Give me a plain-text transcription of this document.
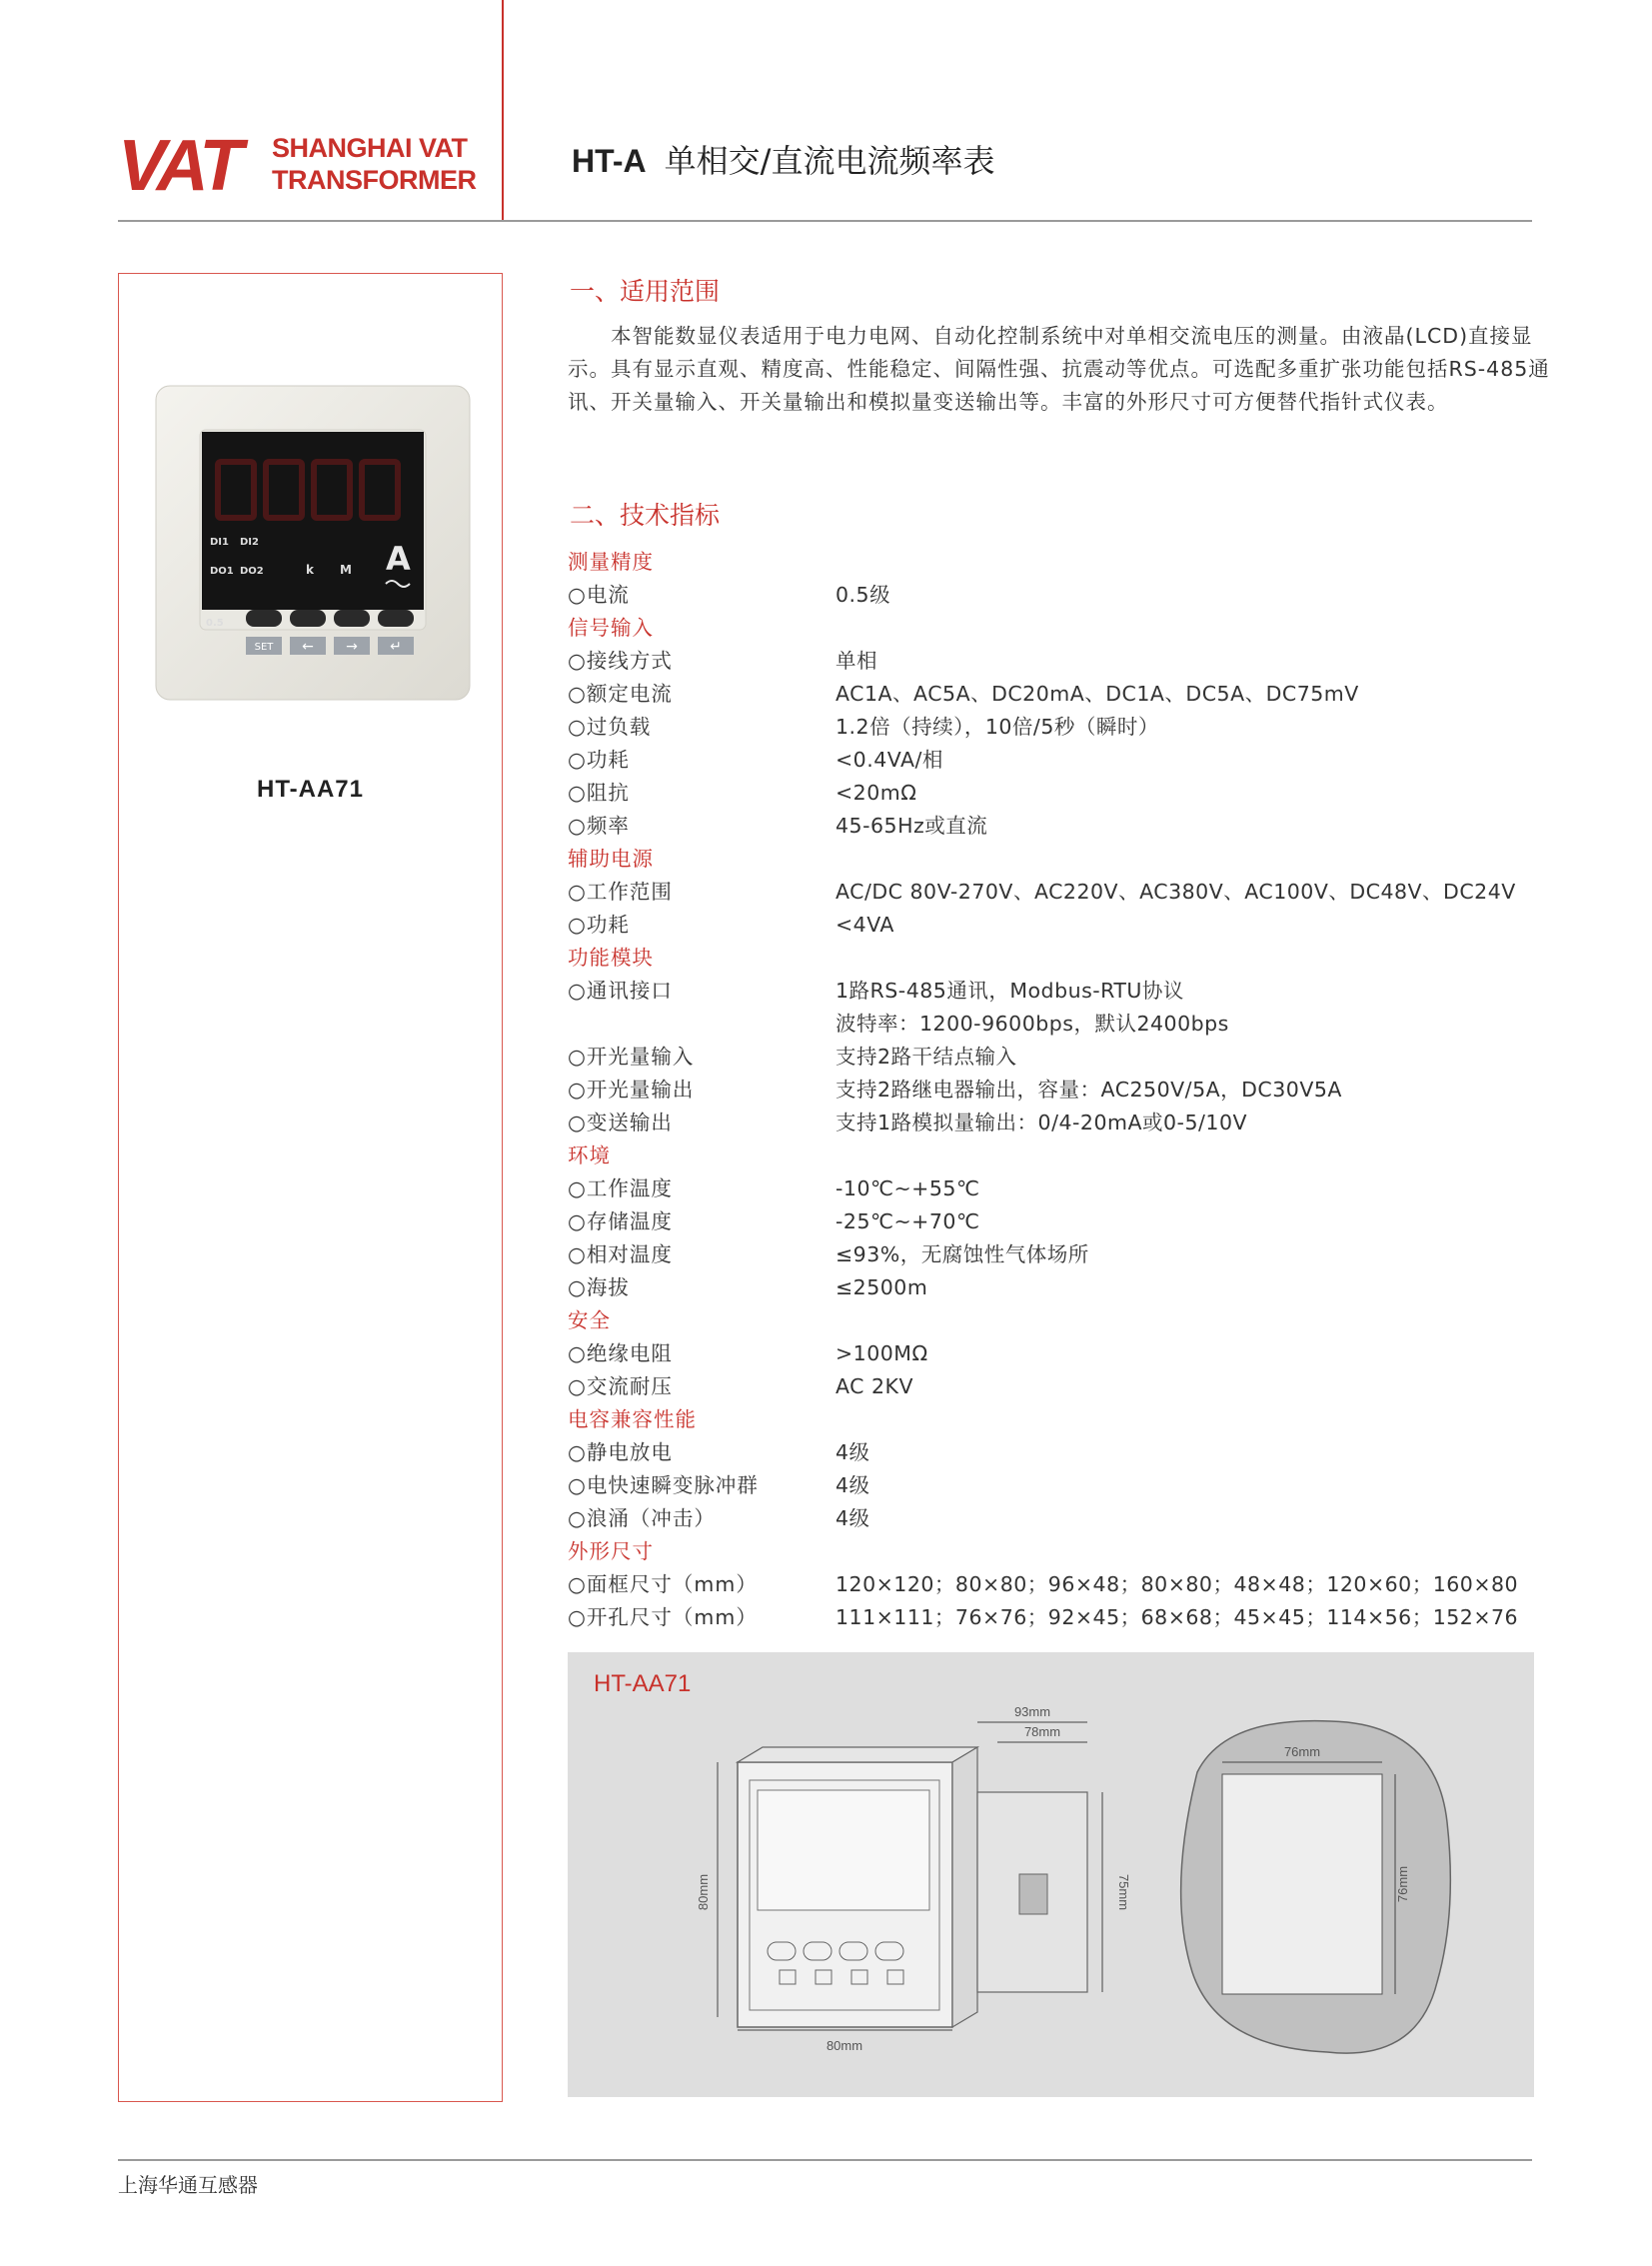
VAT SHANGHAI VAT
TRANSFORMER
HT-A 单相交/直流电流频率表
DI1 DI2
DO1 DO2	k M A
0.5
SET ← → ↵
HT-AA71
一、适用范围

本智能数显仪表适用于电力电网、自动化控制系统中对单相交流电压的测量。由液晶(LCD)直接显示。具有显示直观、精度高、性能稳定、间隔性强、抗震动等优点。可选配多重扩张功能包括RS-485通讯、开关量输入、开关量输出和模拟量变送输出等。丰富的外形尺寸可方便替代指针式仪表。

二、技术指标
测量精度
○ 电流	0.5级
信号输入
○ 接线方式	单相
○ 额定电流	AC1A、AC5A、DC20mA、DC1A、DC5A、DC75mV
○ 过负载	1.2倍（持续），10倍/5秒（瞬时）
○ 功耗	<0.4VA/相
○ 阻抗	<20mΩ
○ 频率	45-65Hz或直流
辅助电源
○ 工作范围	AC/DC 80V-270V、AC220V、AC380V、AC100V、DC48V、DC24V
○ 功耗	<4VA
功能模块
○ 通讯接口	1路RS-485通讯，Modbus-RTU协议
波特率：1200-9600bps，默认2400bps
○ 开光量输入	支持2路干结点输入
○ 开光量输出	支持2路继电器输出，容量：AC250V/5A，DC30V5A
○ 变送输出	支持1路模拟量输出：0/4-20mA或0-5/10V
环境
○ 工作温度	-10℃~+55℃
○ 存储温度	-25℃~+70℃
○ 相对温度	≤93%，无腐蚀性气体场所
○ 海拔	≤2500m
安全
○ 绝缘电阻	>100MΩ
○ 交流耐压	AC 2KV
电容兼容性能
○ 静电放电	4级
○ 电快速瞬变脉冲群	4级
○ 浪涌（冲击）	4级
外形尺寸
○ 面框尺寸（mm）	120×120；80×80；96×48；80×80；48×48；120×60；160×80
○ 开孔尺寸（mm）	111×111；76×76；92×45；68×68；45×45；114×56；152×76
HT-AA71
80mm
80mm
93mm
78mm
75mm
76mm
76mm
上海华通互感器
